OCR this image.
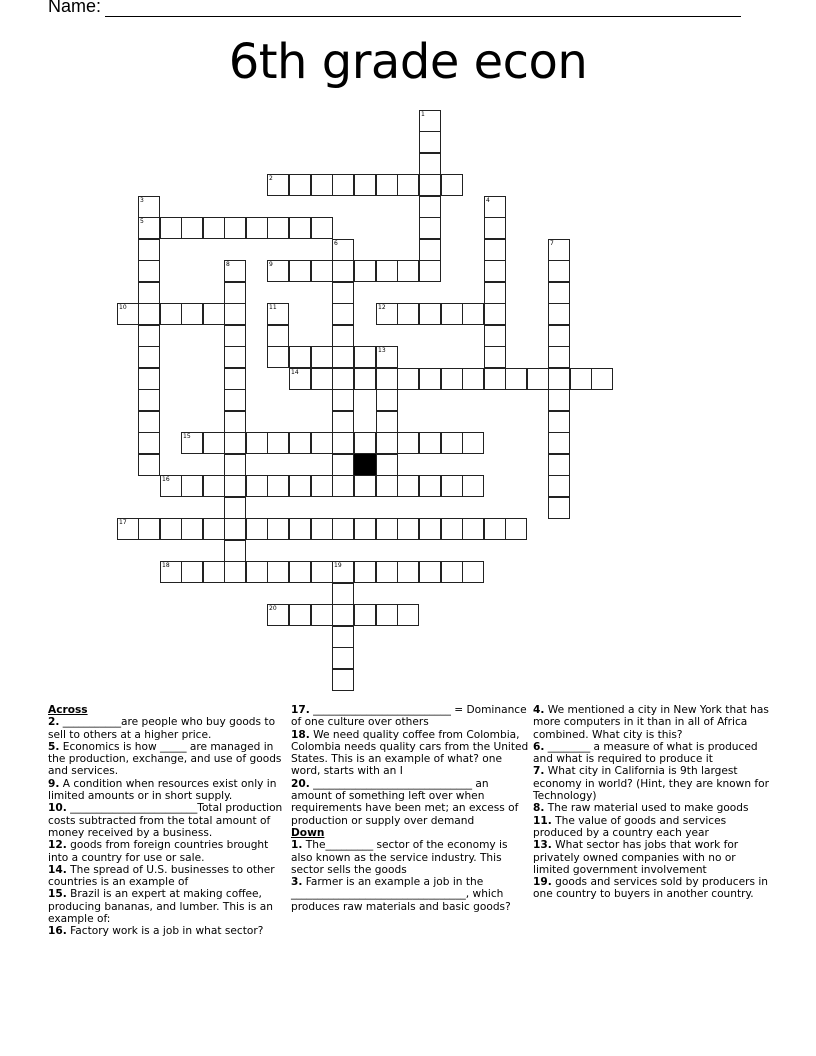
Name:
6th grade econ
1
2
3	4
5
6	7
8	9
10	11	12
13
14
15
16
17
18	19
20
Across
2. ___________are people who buy goods to sell to others at a higher price.
5. Economics is how _____ are managed in the production, exchange, and use of goods and services.
9. A condition when resources exist only in limited amounts or in short supply.
10. ________________________Total production costs subtracted from the total amount of money received by a business.
12. goods from foreign countries brought into a country for use or sale.
14. The spread of U.S. businesses to other countries is an example of
15. Brazil is an expert at making coffee, producing bananas, and lumber. This is an example of:
16. Factory work is a job in what sector?
17. __________________________ = Dominance of one culture over others
18. We need quality coffee from Colombia, Colombia needs quality cars from the United States. This is an example of what? one word, starts with an I
20. ______________________________ an amount of something left over when requirements have been met; an excess of production or supply over demand
Down
1. The_________ sector of the economy is also known as the service industry. This sector sells the goods
3. Farmer is an example a job in the _________________________________, which produces raw materials and basic goods?
4. We mentioned a city in New York that has more computers in it than in all of Africa combined. What city is this?
6. ________ a measure of what is produced and what is required to produce it
7. What city in California is 9th largest economy in world? (Hint, they are known for Technology)
8. The raw material used to make goods
11. The value of goods and services produced by a country each year
13. What sector has jobs that work for privately owned companies with no or limited government involvement
19. goods and services sold by producers in one country to buyers in another country.
